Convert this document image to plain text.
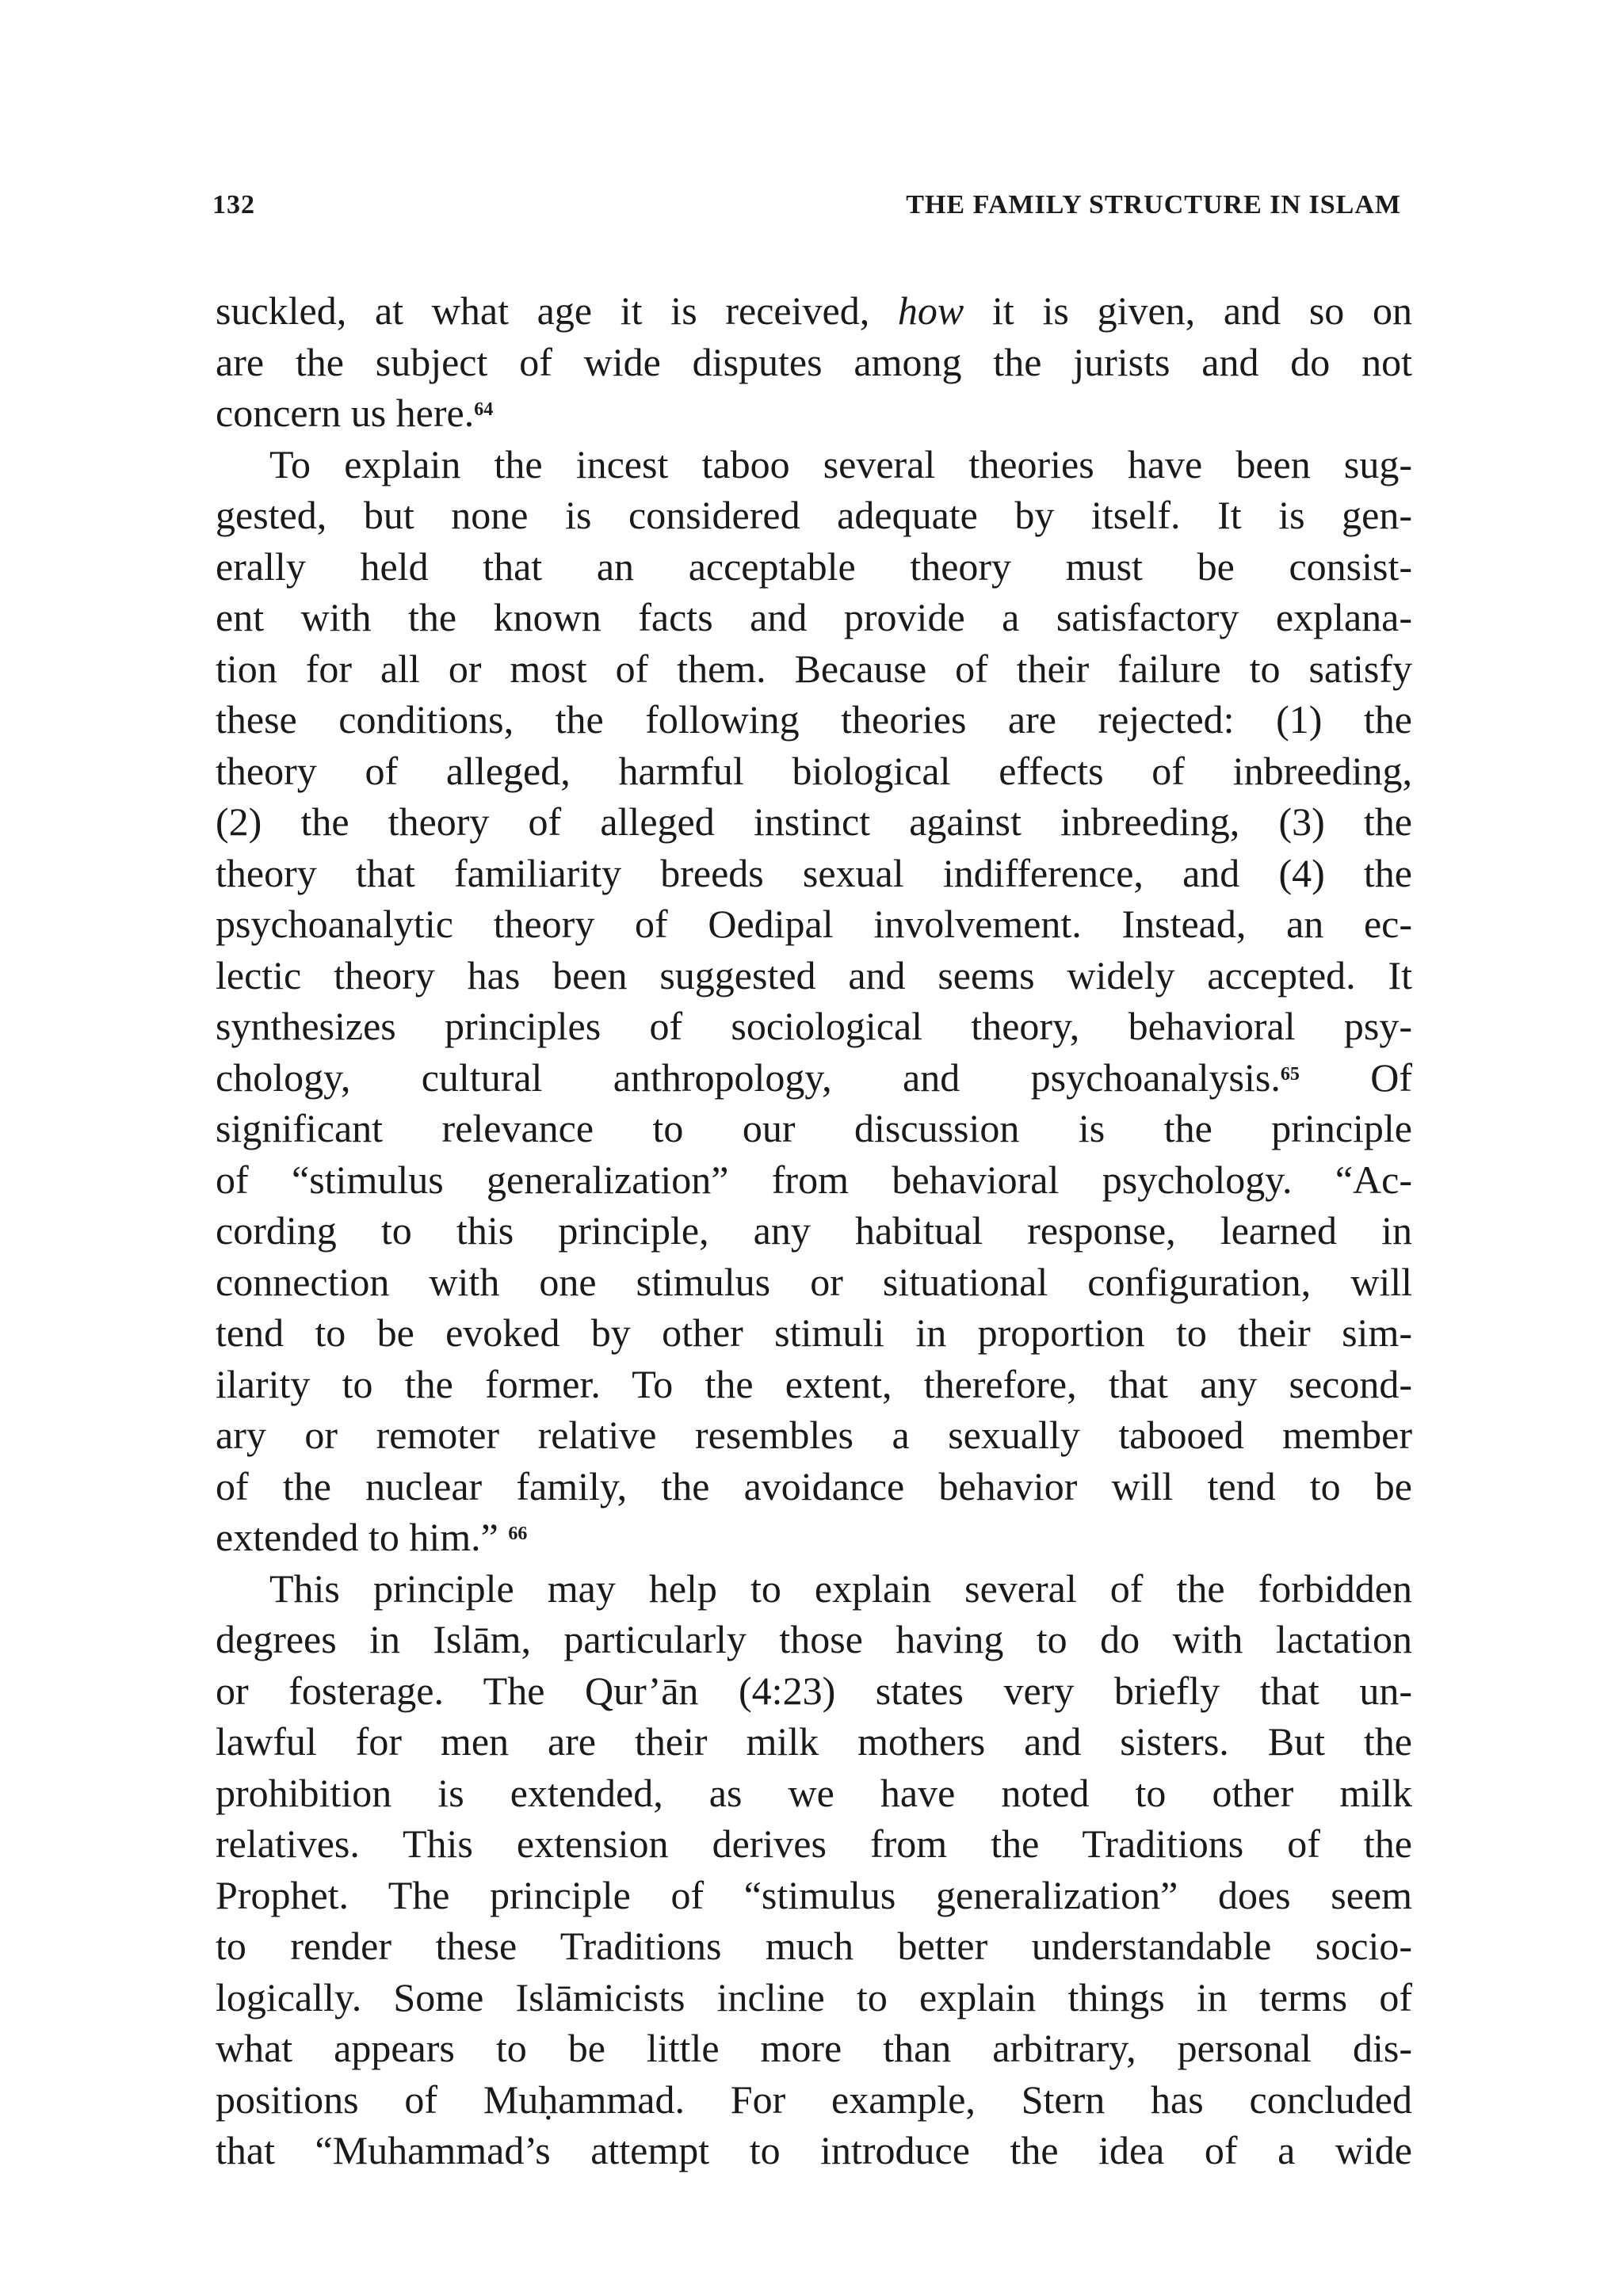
132	THE FAMILY STRUCTURE IN ISLAM
suckled, at what age it is received, how it is given, and so on
are the subject of wide disputes among the jurists and do not
concern us here.$^{64}$
To explain the incest taboo several theories have been sug-
gested, but none is considered adequate by itself. It is gen-
erally held that an acceptable theory must be consist-
ent with the known facts and provide a satisfactory explana-
tion for all or most of them. Because of their failure to satisfy
these conditions, the following theories are rejected: (1) the
theory of alleged, harmful biological effects of inbreeding,
(2) the theory of alleged instinct against inbreeding, (3) the
theory that familiarity breeds sexual indifference, and (4) the
psychoanalytic theory of Oedipal involvement. Instead, an ec-
lectic theory has been suggested and seems widely accepted. It
synthesizes principles of sociological theory, behavioral psy-
chology, cultural anthropology, and psychoanalysis.$^{65}$ Of
significant relevance to our discussion is the principle
of “stimulus generalization” from behavioral psychology. “Ac-
cording to this principle, any habitual response, learned in
connection with one stimulus or situational configuration, will
tend to be evoked by other stimuli in proportion to their sim-
ilarity to the former. To the extent, therefore, that any second-
ary or remoter relative resembles a sexually tabooed member
of the nuclear family, the avoidance behavior will tend to be
extended to him.” $^{66}$
This principle may help to explain several of the forbidden
degrees in Islām, particularly those having to do with lactation
or fosterage. The Qur’ān (4:23) states very briefly that un-
lawful for men are their milk mothers and sisters. But the
prohibition is extended, as we have noted to other milk
relatives. This extension derives from the Traditions of the
Prophet. The principle of “stimulus generalization” does seem
to render these Traditions much better understandable socio-
logically. Some Islāmicists incline to explain things in terms of
what appears to be little more than arbitrary, personal dis-
positions of Muḥammad. For example, Stern has concluded
that “Muhammad’s attempt to introduce the idea of a wide
